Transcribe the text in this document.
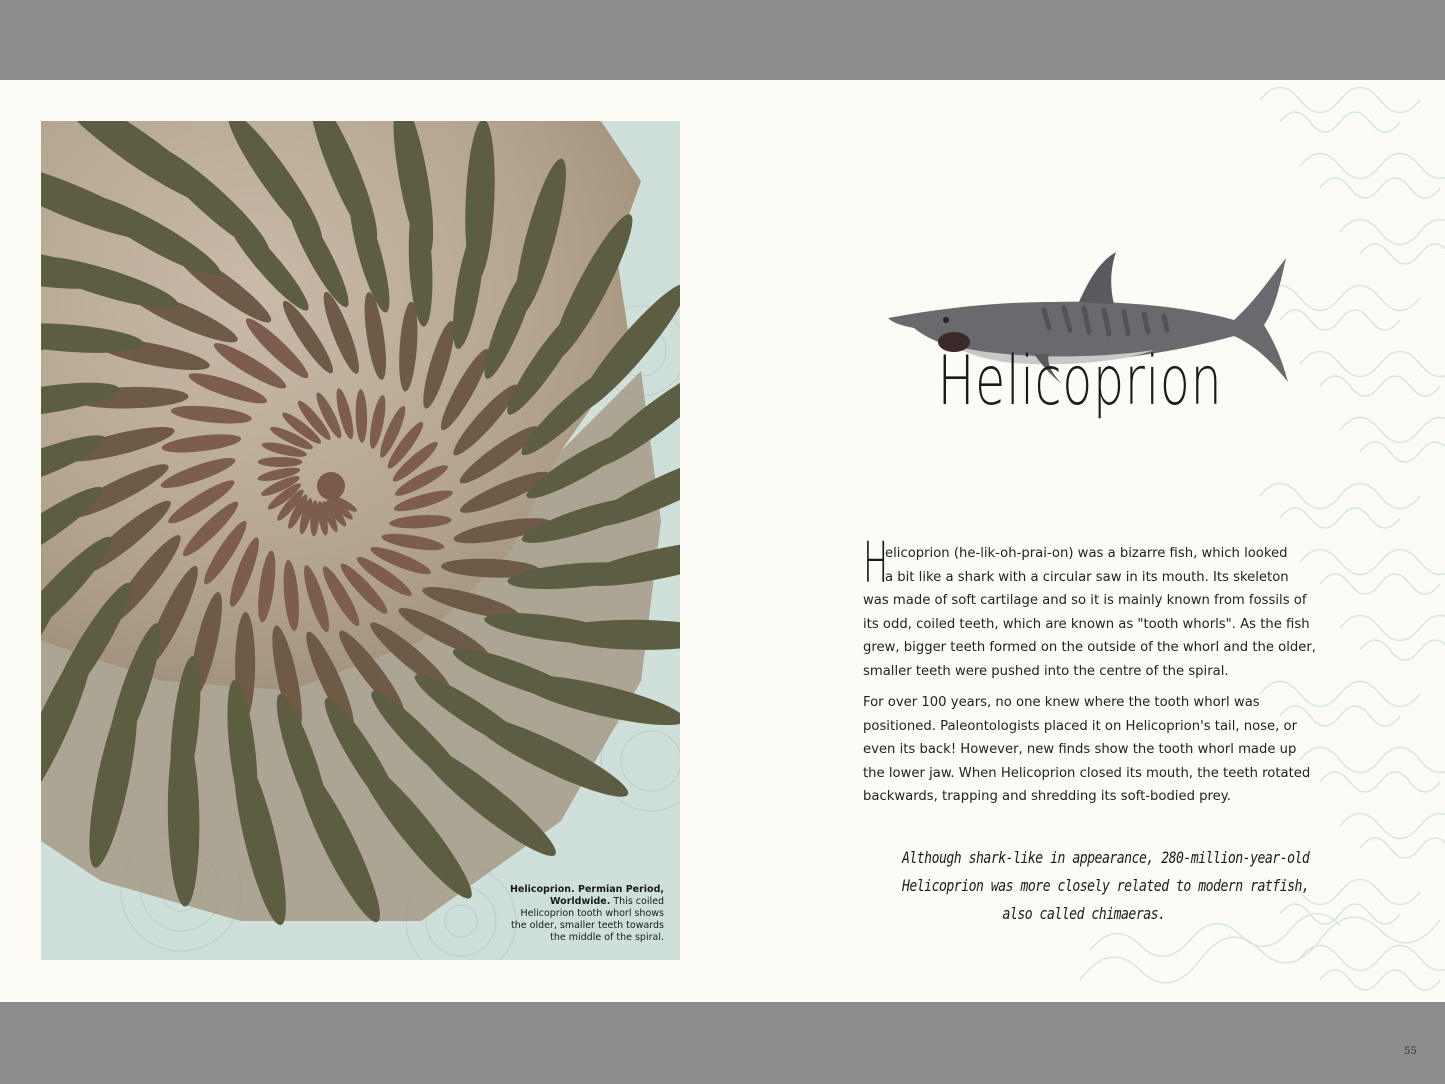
Helicoprion. Permian Period, Worldwide. This coiled Helicoprion tooth whorl shows the older, smaller teeth towards the middle of the spiral.
Helicoprion
H

elicoprion (he-lik-oh-prai-on) was a bizarre fish, which looked

a bit like a shark with a circular saw in its mouth. Its skeleton

was made of soft cartilage and so it is mainly known from fossils of

its odd, coiled teeth, which are known as "tooth whorls". As the fish

grew, bigger teeth formed on the outside of the whorl and the older,

smaller teeth were pushed into the centre of the spiral.

For over 100 years, no one knew where the tooth whorl was

positioned. Paleontologists placed it on Helicoprion's tail, nose, or

even its back! However, new finds show the tooth whorl made up

the lower jaw. When Helicoprion closed its mouth, the teeth rotated

backwards, trapping and shredding its soft-bodied prey.

Although shark-like in appearance, 280-million-year-old
Helicoprion was more closely related to modern ratfish,
also called chimaeras.
55
